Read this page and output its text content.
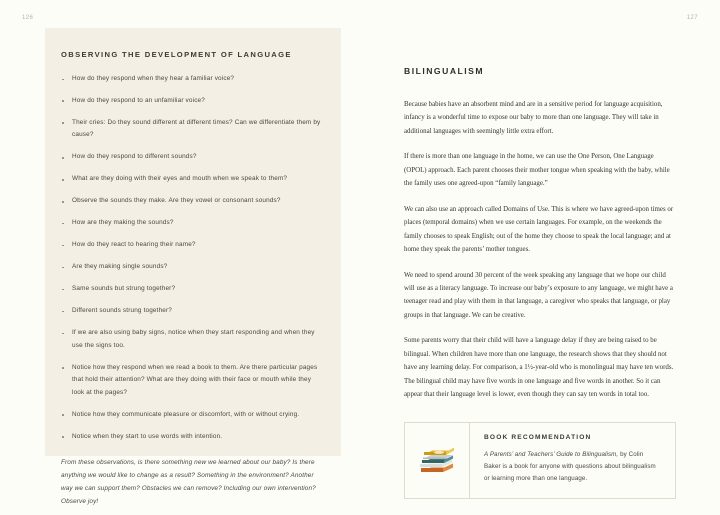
126	127
OBSERVING THE DEVELOPMENT OF LANGUAGE
How do they respond when they hear a familiar voice?
How do they respond to an unfamiliar voice?
Their cries: Do they sound different at different times? Can we differentiate them by cause?
How do they respond to different sounds?
What are they doing with their eyes and mouth when we speak to them?
Observe the sounds they make. Are they vowel or consonant sounds?
How are they making the sounds?
How do they react to hearing their name?
Are they making single sounds?
Same sounds but strung together?
Different sounds strung together?
If we are also using baby signs, notice when they start responding and when they use the signs too.
Notice how they respond when we read a book to them. Are there particular pages that hold their attention? What are they doing with their face or mouth while they look at the pages?
Notice how they communicate pleasure or discomfort, with or without crying.
Notice when they start to use words with intention.

From these observations, is there something new we learned about our baby? Is there anything we would like to change as a result? Something in the environment? Another way we can support them? Obstacles we can remove? Including our own intervention? Observe joy!

BILINGUALISM

Because babies have an absorbent mind and are in a sensitive period for language acquisition, infancy is a wonderful time to expose our baby to more than one language. They will take in additional languages with seemingly little extra effort.

If there is more than one language in the home, we can use the One Person, One Language (OPOL) approach. Each parent chooses their mother tongue when speaking with the baby, while the family uses one agreed-upon “family language.”

We can also use an approach called Domains of Use. This is where we have agreed-upon times or places (temporal domains) when we use certain languages. For example, on the weekends the family chooses to speak English; out of the home they choose to speak the local language; and at home they speak the parents’ mother tongues.

We need to spend around 30 percent of the week speaking any language that we hope our child will use as a literacy language. To increase our baby’s exposure to any language, we might have a teenager read and play with them in that language, a caregiver who speaks that language, or play groups in that language. We can be creative.

Some parents worry that their child will have a language delay if they are being raised to be bilingual. When children have more than one language, the research shows that they should not have any learning delay. For comparison, a 1½-year-old who is monolingual may have ten words. The bilingual child may have five words in one language and five words in another. So it can appear that their language level is lower, even though they can say ten words in total too.

BOOK RECOMMENDATION

A Parents’ and Teachers’ Guide to Bilingualism, by Colin Baker is a book for anyone with questions about bilingualism or learning more than one language.
